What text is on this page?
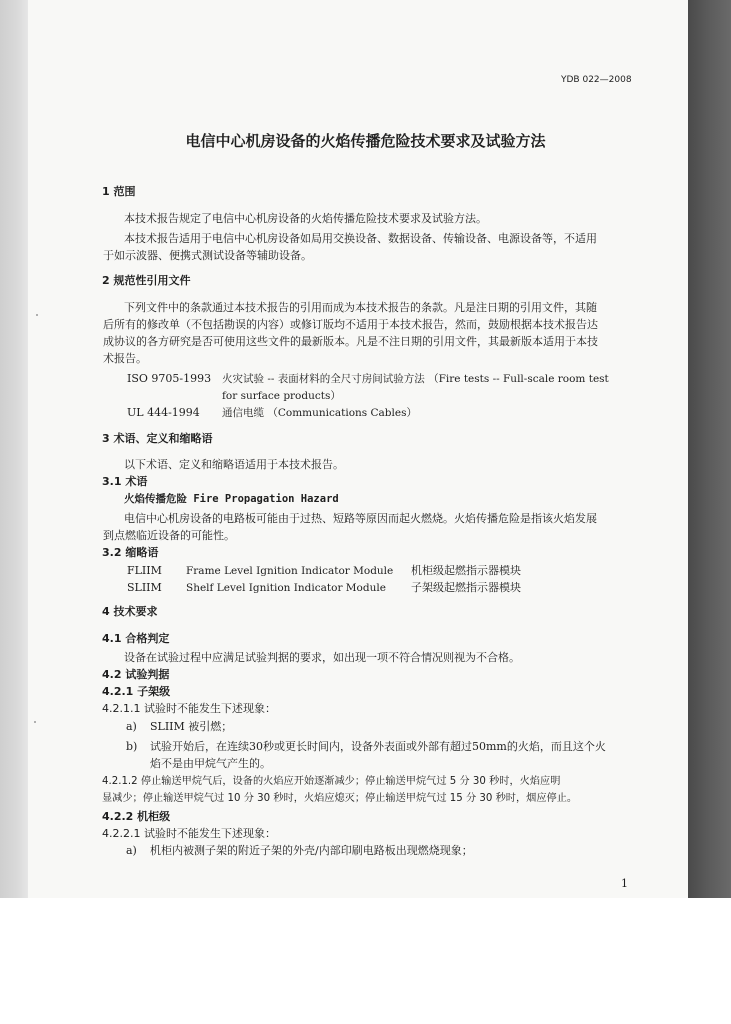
YDB 022—2008
电信中心机房设备的火焰传播危险技术要求及试验方法
1 范围
本技术报告规定了电信中心机房设备的火焰传播危险技术要求及试验方法。
本技术报告适用于电信中心机房设备如局用交换设备、数据设备、传输设备、电源设备等，不适用
于如示波器、便携式测试设备等辅助设备。
2 规范性引用文件
下列文件中的条款通过本技术报告的引用而成为本技术报告的条款。凡是注日期的引用文件，其随
后所有的修改单（不包括勘误的内容）或修订版均不适用于本技术报告，然而，鼓励根据本技术报告达
成协议的各方研究是否可使用这些文件的最新版本。凡是不注日期的引用文件，其最新版本适用于本技
术报告。
ISO 9705-1993 火灾试验 -- 表面材料的全尺寸房间试验方法 （Fire tests -- Full-scale room test
for surface products）
UL 444-1994 通信电缆 （Communications Cables）
3 术语、定义和缩略语
以下术语、定义和缩略语适用于本技术报告。
3.1 术语
火焰传播危险 Fire Propagation Hazard
电信中心机房设备的电路板可能由于过热、短路等原因而起火燃烧。火焰传播危险是指该火焰发展
到点燃临近设备的可能性。
3.2 缩略语
FLIIM Frame Level Ignition Indicator Module 机柜级起燃指示器模块
SLIIM Shelf Level Ignition Indicator Module 子架级起燃指示器模块
4 技术要求
4.1 合格判定
设备在试验过程中应满足试验判据的要求，如出现一项不符合情况则视为不合格。
4.2 试验判据
4.2.1 子架级
4.2.1.1 试验时不能发生下述现象：
a) SLIIM 被引燃；
b) 试验开始后，在连续30秒或更长时间内，设备外表面或外部有超过50mm的火焰，而且这个火
焰不是由甲烷气产生的。
4.2.1.2 停止输送甲烷气后，设备的火焰应开始逐渐减少；停止输送甲烷气过 5 分 30 秒时，火焰应明
显减少；停止输送甲烷气过 10 分 30 秒时，火焰应熄灭；停止输送甲烷气过 15 分 30 秒时，烟应停止。
4.2.2 机柜级
4.2.2.1 试验时不能发生下述现象：
a) 机柜内被测子架的附近子架的外壳/内部印刷电路板出现燃烧现象；
1
